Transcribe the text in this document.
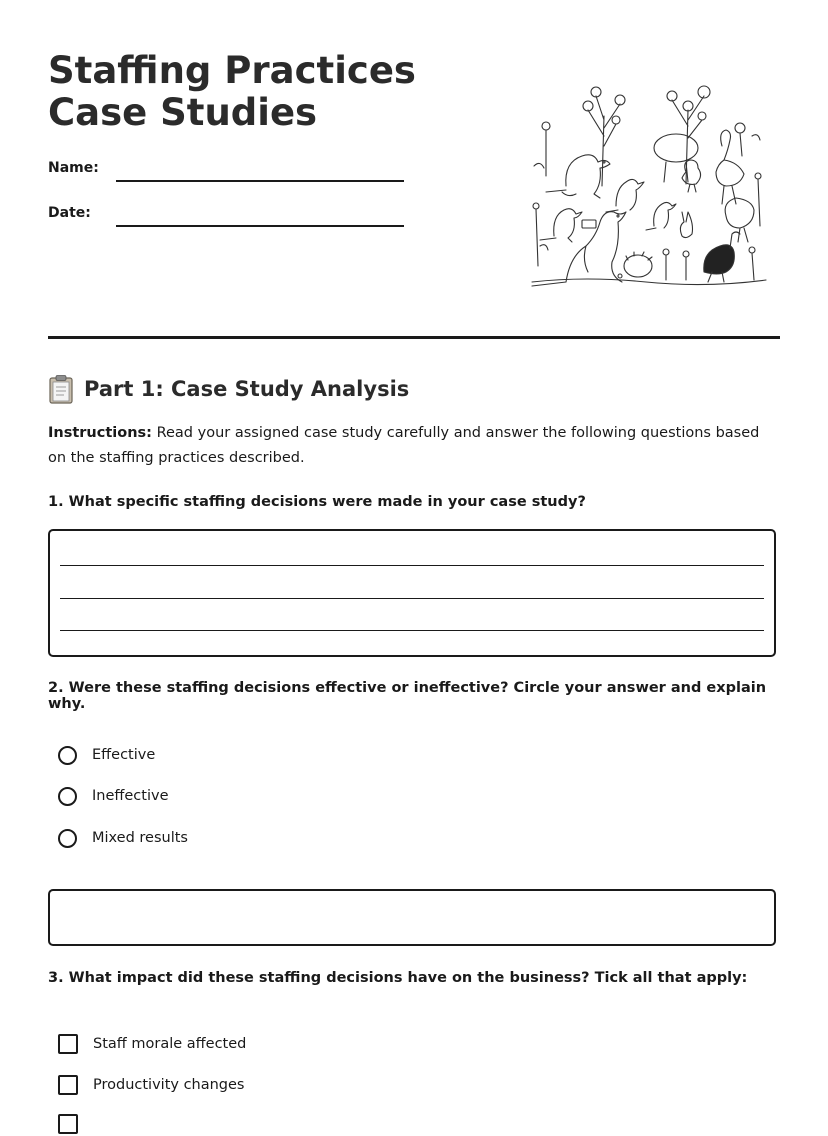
Staffing Practices Case Studies
Name:
Date:
Part 1: Case Study Analysis
Instructions: Read your assigned case study carefully and answer the following questions based on the staffing practices described.
1. What specific staffing decisions were made in your case study?
2. Were these staffing decisions effective or ineffective? Circle your answer and explain why.
Effective
Ineffective
Mixed results
3. What impact did these staffing decisions have on the business? Tick all that apply:
Staff morale affected
Productivity changes
